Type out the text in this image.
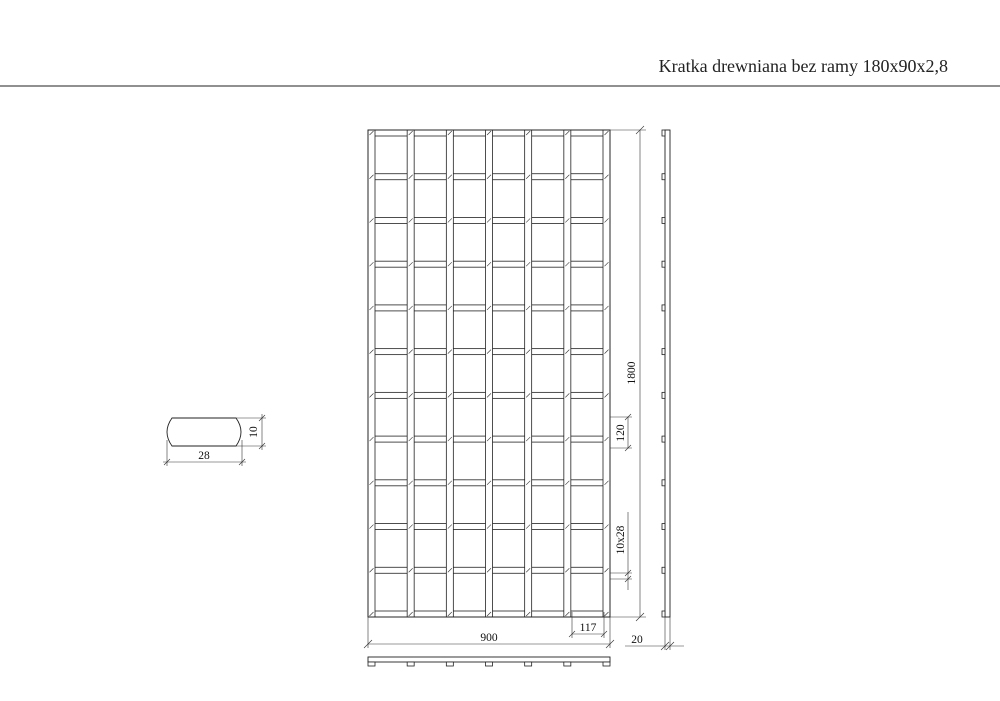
Kratka drewniana bez ramy 180x90x2,8
1800
120
10x28
900
117
20
28
10
